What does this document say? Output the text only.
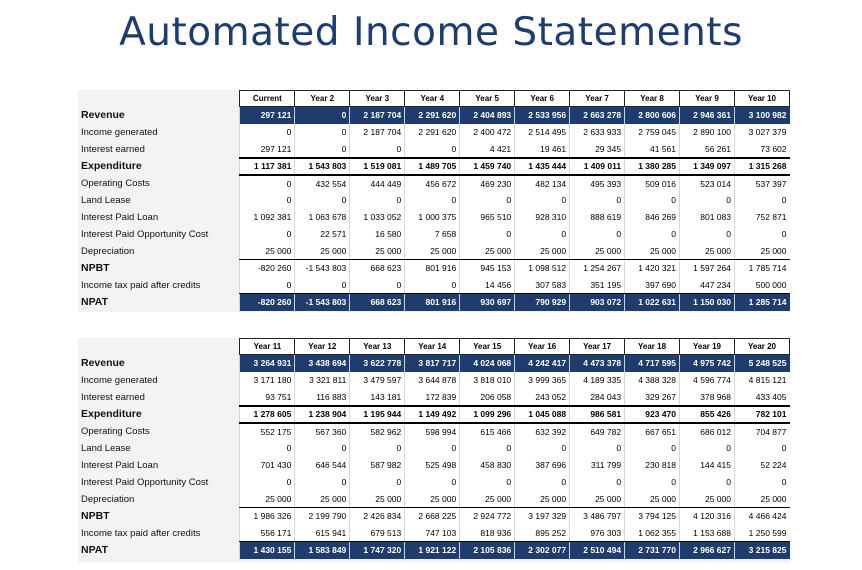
Automated Income Statements
	Current	Year 2	Year 3	Year 4	Year 5	Year 6	Year 7	Year 8	Year 9	Year 10
Revenue	297 121	0	2 187 704	2 291 620	2 404 893	2 533 956	2 663 278	2 800 606	2 946 361	3 100 982
Income generated	0	0	2 187 704	2 291 620	2 400 472	2 514 495	2 633 933	2 759 045	2 890 100	3 027 379
Interest earned	297 121	0	0	0	4 421	19 461	29 345	41 561	56 261	73 602
Expenditure	1 117 381	1 543 803	1 519 081	1 489 705	1 459 740	1 435 444	1 409 011	1 380 285	1 349 097	1 315 268
Operating Costs	0	432 554	444 449	456 672	469 230	482 134	495 393	509 016	523 014	537 397
Land Lease	0	0	0	0	0	0	0	0	0	0
Interest Paid Loan	1 092 381	1 063 678	1 033 052	1 000 375	965 510	928 310	888 619	846 269	801 083	752 871
Interest Paid Opportunity Cost	0	22 571	16 580	7 658	0	0	0	0	0	0
Depreciation	25 000	25 000	25 000	25 000	25 000	25 000	25 000	25 000	25 000	25 000
NPBT	-820 260	-1 543 803	668 623	801 916	945 153	1 098 512	1 254 267	1 420 321	1 597 264	1 785 714
Income tax paid after credits	0	0	0	0	14 456	307 583	351 195	397 690	447 234	500 000
NPAT	-820 260	-1 543 803	668 623	801 916	930 697	790 929	903 072	1 022 631	1 150 030	1 285 714
	Year 11	Year 12	Year 13	Year 14	Year 15	Year 16	Year 17	Year 18	Year 19	Year 20
Revenue	3 264 931	3 438 694	3 622 778	3 817 717	4 024 068	4 242 417	4 473 378	4 717 595	4 975 742	5 248 525
Income generated	3 171 180	3 321 811	3 479 597	3 644 878	3 818 010	3 999 365	4 189 335	4 388 328	4 596 774	4 815 121
Interest earned	93 751	116 883	143 181	172 839	206 058	243 052	284 043	329 267	378 968	433 405
Expenditure	1 278 605	1 238 904	1 195 944	1 149 492	1 099 296	1 045 088	986 581	923 470	855 426	782 101
Operating Costs	552 175	567 360	582 962	598 994	615 466	632 392	649 782	667 651	686 012	704 877
Land Lease	0	0	0	0	0	0	0	0	0	0
Interest Paid Loan	701 430	646 544	587 982	525 498	458 830	387 696	311 799	230 818	144 415	52 224
Interest Paid Opportunity Cost	0	0	0	0	0	0	0	0	0	0
Depreciation	25 000	25 000	25 000	25 000	25 000	25 000	25 000	25 000	25 000	25 000
NPBT	1 986 326	2 199 790	2 426 834	2 668 225	2 924 772	3 197 329	3 486 797	3 794 125	4 120 316	4 466 424
Income tax paid after credits	556 171	615 941	679 513	747 103	818 936	895 252	976 303	1 062 355	1 153 688	1 250 599
NPAT	1 430 155	1 583 849	1 747 320	1 921 122	2 105 836	2 302 077	2 510 494	2 731 770	2 966 627	3 215 825
